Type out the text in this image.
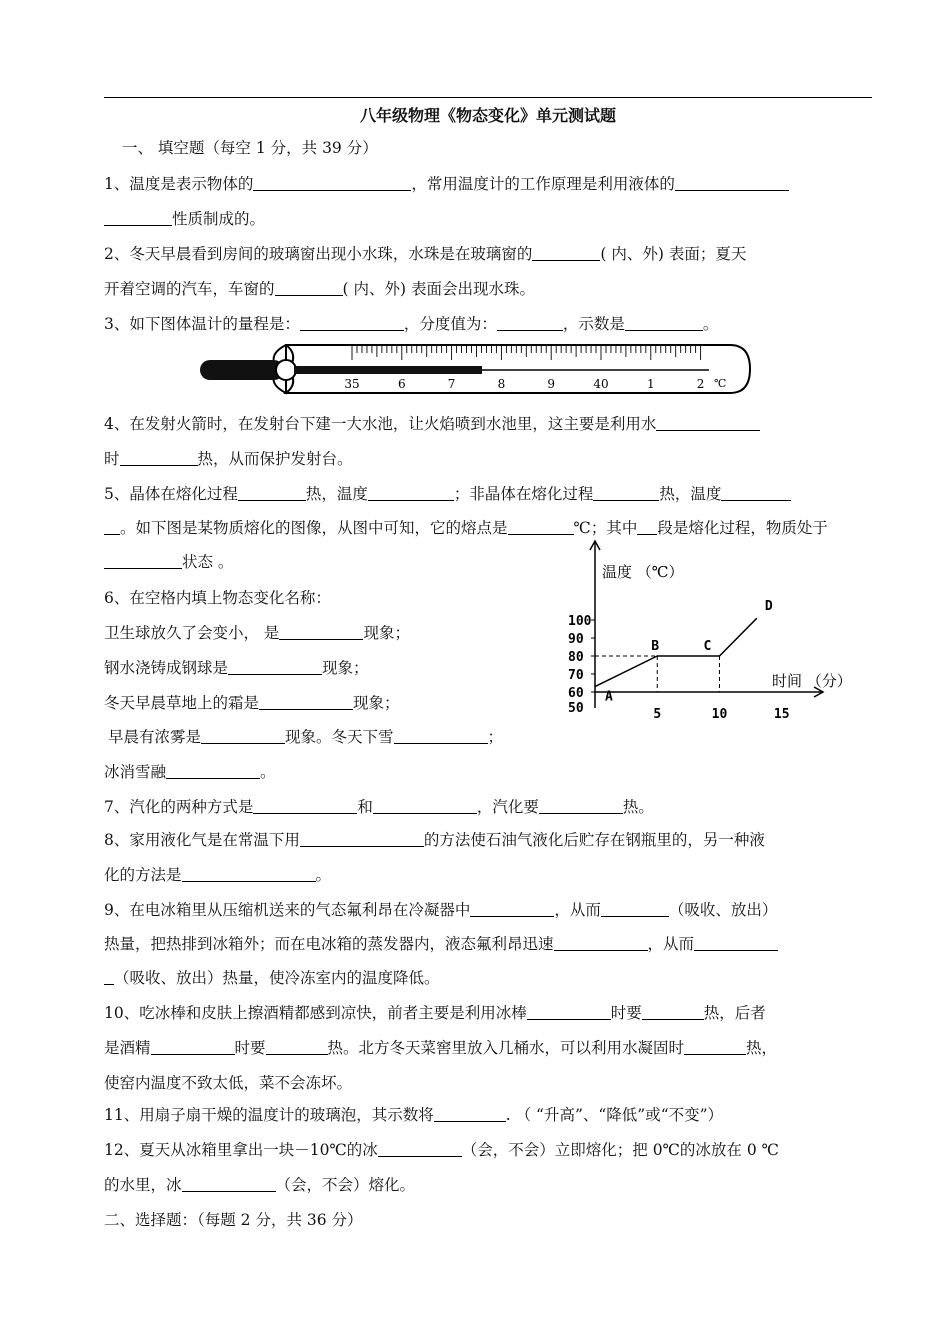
八年级物理《物态变化》单元测试题
一、 填空题（每空 1 分，共 39 分）
1、温度是表示物体的	，常用温度计的工作原理是利用液体的
性质制成的。
2、冬天早晨看到房间的玻璃窗出现小水珠，水珠是在玻璃窗的	( 内、外) 表面；夏天
开着空调的汽车，车窗的	( 内、外) 表面会出现水珠。
3、如下图体温计的量程是：	，分度值为：	，示数是	。
35	6	7	8	9	40	1	2 ℃
4、在发射火箭时，在发射台下建一大水池，让火焰喷到水池里，这主要是利用水
时	热，从而保护发射台。
5、晶体在熔化过程	热，温度	；非晶体在熔化过程	热，温度
。如下图是某物质熔化的图像，从图中可知，它的熔点是	℃；其中 段是熔化过程，物质处于
状态 。
6、在空格内填上物态变化名称：
卫生球放久了会变小， 是	现象；
钢水浇铸成钢球是	现象；
冬天早晨草地上的霜是	现象；
早晨有浓雾是	现象。冬天下雪	；
冰消雪融	。
温度 （℃）
时间 （分）
100
90
80
70
60
50	5	10	15
A
B	C
D
7、汽化的两种方式是	和	，汽化要	热。
8、家用液化气是在常温下用	的方法使石油气液化后贮存在钢瓶里的，另一种液
化的方法是	。
9、在电冰箱里从压缩机送来的气态氟利昂在冷凝器中	，从而	（吸收、放出）
热量，把热排到冰箱外；而在电冰箱的蒸发器内，液态氟利昂迅速	，从而
（吸收、放出）热量，使冷冻室内的温度降低。
10、吃冰棒和皮肤上擦酒精都感到凉快，前者主要是利用冰棒	时要	热，后者
是酒精	时要	热。北方冬天菜窖里放入几桶水，可以利用水凝固时	热，
使窑内温度不致太低，菜不会冻坏。
11、用扇子扇干燥的温度计的玻璃泡，其示数将	. （ “升高”、“降低”或“不变”）
12、夏天从冰箱里拿出一块－10℃的冰	（会，不会）立即熔化；把 0℃的冰放在 0 ℃
的水里，冰	（会，不会）熔化。
二、选择题：（每题 2 分，共 36 分）
